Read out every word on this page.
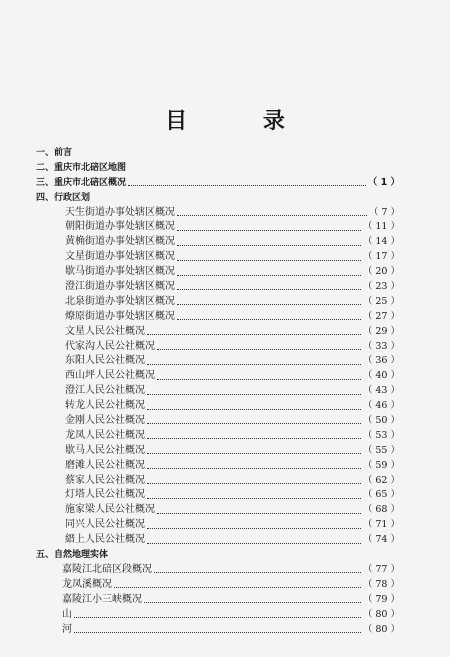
目 录
一、前言
二、重庆市北碚区地图
三、重庆市北碚区概况	（ 1 ）
四、行政区划
天生街道办事处辖区概况	（ 7 ）
朝阳街道办事处辖区概况	（ 11 ）
黄桷街道办事处辖区概况	（ 14 ）
文星街道办事处辖区概况	（ 17 ）
歇马街道办事处辖区概况	（ 20 ）
澄江街道办事处辖区概况	（ 23 ）
北泉街道办事处辖区概况	（ 25 ）
燎原街道办事处辖区概况	（ 27 ）
文星人民公社概况	（ 29 ）
代家沟人民公社概况	（ 33 ）
东阳人民公社概况	（ 36 ）
西山坪人民公社概况	（ 40 ）
澄江人民公社概况	（ 43 ）
转龙人民公社概况	（ 46 ）
金刚人民公社概况	（ 50 ）
龙凤人民公社概况	（ 53 ）
歇马人民公社概况	（ 55 ）
磨滩人民公社概况	（ 59 ）
蔡家人民公社概况	（ 62 ）
灯塔人民公社概况	（ 65 ）
施家梁人民公社概况	（ 68 ）
同兴人民公社概况	（ 71 ）
縉上人民公社概况	（ 74 ）
五、自然地理实体
嘉陵江北碚区段概况	（ 77 ）
龙凤溪概况	（ 78 ）
嘉陵江小三峡概况	（ 79 ）
山	（ 80 ）
河	（ 80 ）
